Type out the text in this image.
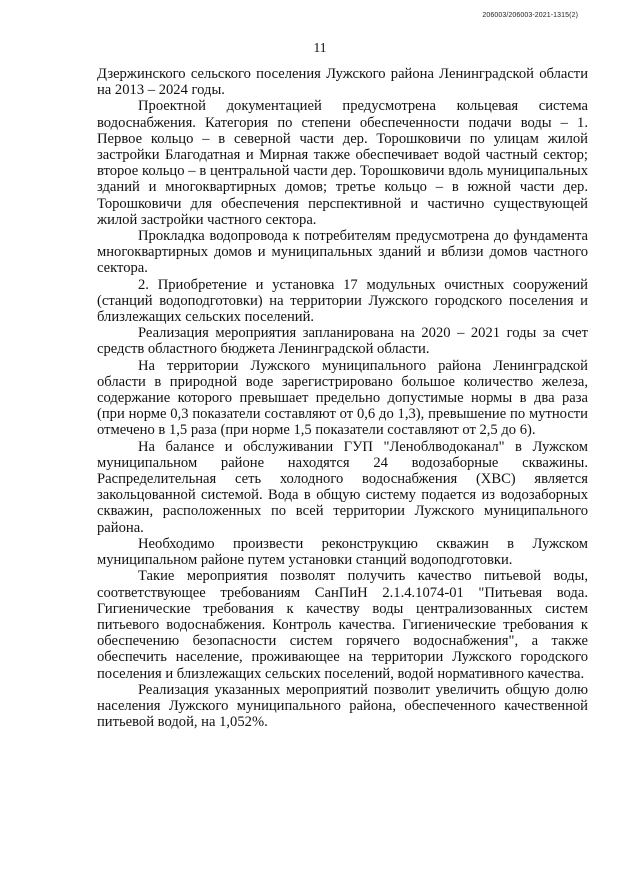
206003/206003-2021-1315(2)
11

Дзержинского сельского поселения Лужского района Ленинградской области на 2013 – 2024 годы.

Проектной документацией предусмотрена кольцевая система водоснабжения. Категория по степени обеспеченности подачи воды – 1. Первое кольцо – в северной части дер. Торошковичи по улицам жилой застройки Благодатная и Мирная также обеспечивает водой частный сектор; второе кольцо – в центральной части дер. Торошковичи вдоль муниципальных зданий и многоквартирных домов; третье кольцо – в южной части дер. Торошковичи для обеспечения перспективной и частично существующей жилой застройки частного сектора.

Прокладка водопровода к потребителям предусмотрена до фундамента многоквартирных домов и муниципальных зданий и вблизи домов частного сектора.

2. Приобретение и установка 17 модульных очистных сооружений (станций водоподготовки) на территории Лужского городского поселения и близлежащих сельских поселений.

Реализация мероприятия запланирована на 2020 – 2021 годы за счет средств областного бюджета Ленинградской области.

На территории Лужского муниципального района Ленинградской области в природной воде зарегистрировано большое количество железа, содержание которого превышает предельно допустимые нормы в два раза (при норме 0,3 показатели составляют от 0,6 до 1,3), превышение по мутности отмечено в 1,5 раза (при норме 1,5 показатели составляют от 2,5 до 6).

На балансе и обслуживании ГУП "Леноблводоканал" в Лужском муниципальном районе находятся 24 водозаборные скважины. Распределительная сеть холодного водоснабжения (ХВС) является закольцованной системой. Вода в общую систему подается из водозаборных скважин, расположенных по всей территории Лужского муниципального района.

Необходимо произвести реконструкцию скважин в Лужском муниципальном районе путем установки станций водоподготовки.

Такие мероприятия позволят получить качество питьевой воды, соответствующее требованиям СанПиН 2.1.4.1074-01 "Питьевая вода. Гигиенические требования к качеству воды централизованных систем питьевого водоснабжения. Контроль качества. Гигиенические требования к обеспечению безопасности систем горячего водоснабжения", а также обеспечить население, проживающее на территории Лужского городского поселения и близлежащих сельских поселений, водой нормативного качества.

Реализация указанных мероприятий позволит увеличить общую долю населения Лужского муниципального района, обеспеченного качественной питьевой водой, на 1,052%.
